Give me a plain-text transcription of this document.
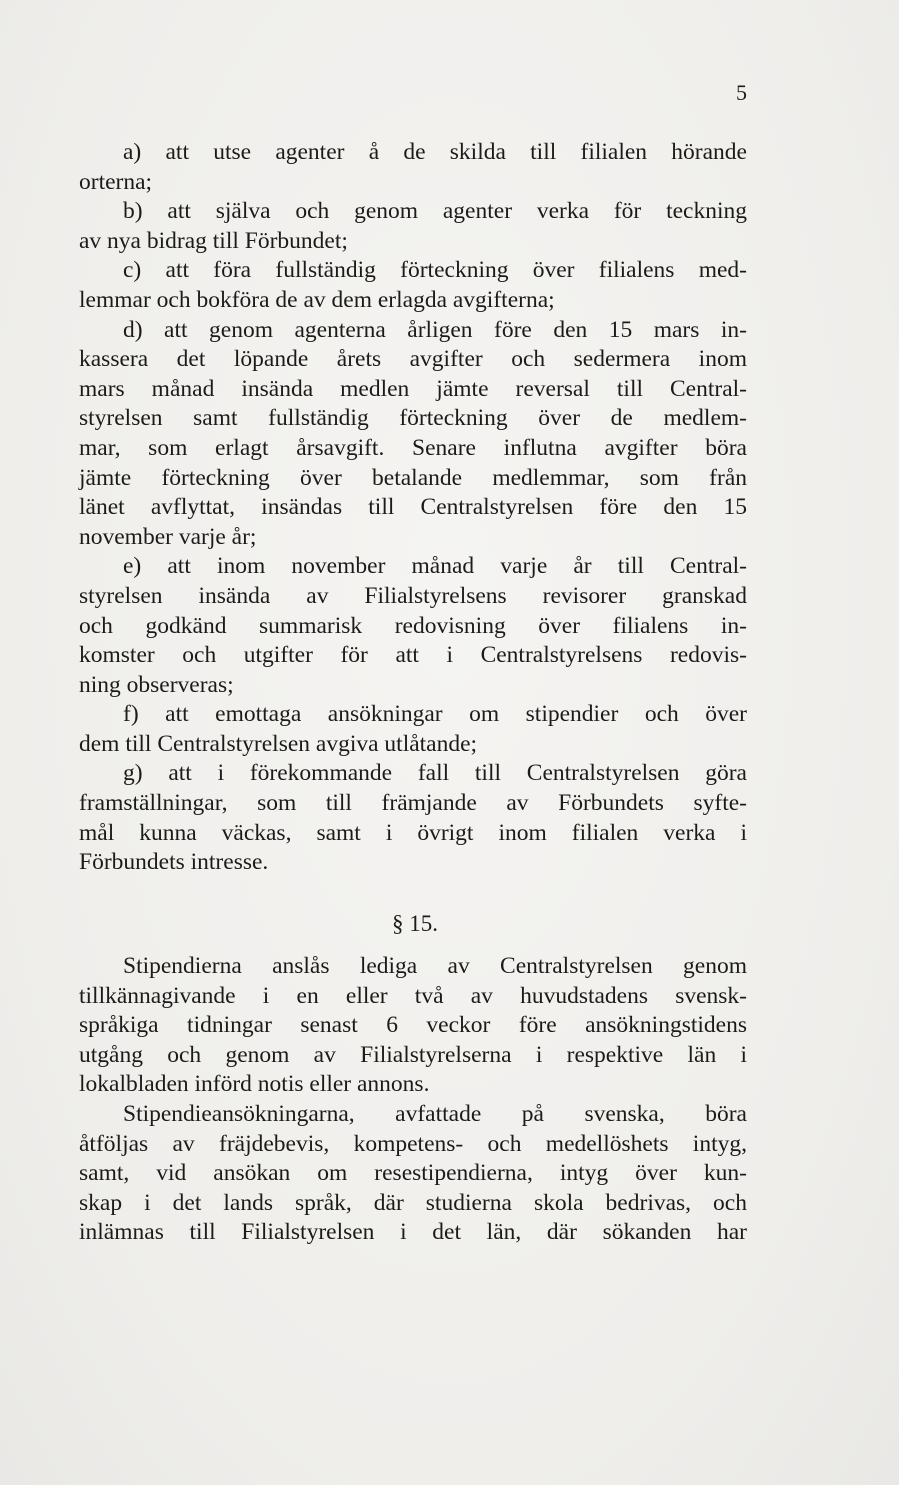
5
a) att utse agenter å de skilda till filialen hörande
orterna;
b) att själva och genom agenter verka för teckning
av nya bidrag till Förbundet;
c) att föra fullständig förteckning över filialens med-
lemmar och bokföra de av dem erlagda avgifterna;
d) att genom agenterna årligen före den 15 mars in-
kassera det löpande årets avgifter och sedermera inom
mars månad insända medlen jämte reversal till Central-
styrelsen samt fullständig förteckning över de medlem-
mar, som erlagt årsavgift. Senare influtna avgifter böra
jämte förteckning över betalande medlemmar, som från
länet avflyttat, insändas till Centralstyrelsen före den 15
november varje år;
e) att inom november månad varje år till Central-
styrelsen insända av Filialstyrelsens revisorer granskad
och godkänd summarisk redovisning över filialens in-
komster och utgifter för att i Centralstyrelsens redovis-
ning observeras;
f) att emottaga ansökningar om stipendier och över
dem till Centralstyrelsen avgiva utlåtande;
g) att i förekommande fall till Centralstyrelsen göra
framställningar, som till främjande av Förbundets syfte-
mål kunna väckas, samt i övrigt inom filialen verka i
Förbundets intresse.
§ 15.
Stipendierna anslås lediga av Centralstyrelsen genom
tillkännagivande i en eller två av huvudstadens svensk-
språkiga tidningar senast 6 veckor före ansökningstidens
utgång och genom av Filialstyrelserna i respektive län i
lokalbladen införd notis eller annons.
Stipendieansökningarna, avfattade på svenska, böra
åtföljas av fräjdebevis, kompetens- och medellöshets intyg,
samt, vid ansökan om resestipendierna, intyg över kun-
skap i det lands språk, där studierna skola bedrivas, och
inlämnas till Filialstyrelsen i det län, där sökanden har
